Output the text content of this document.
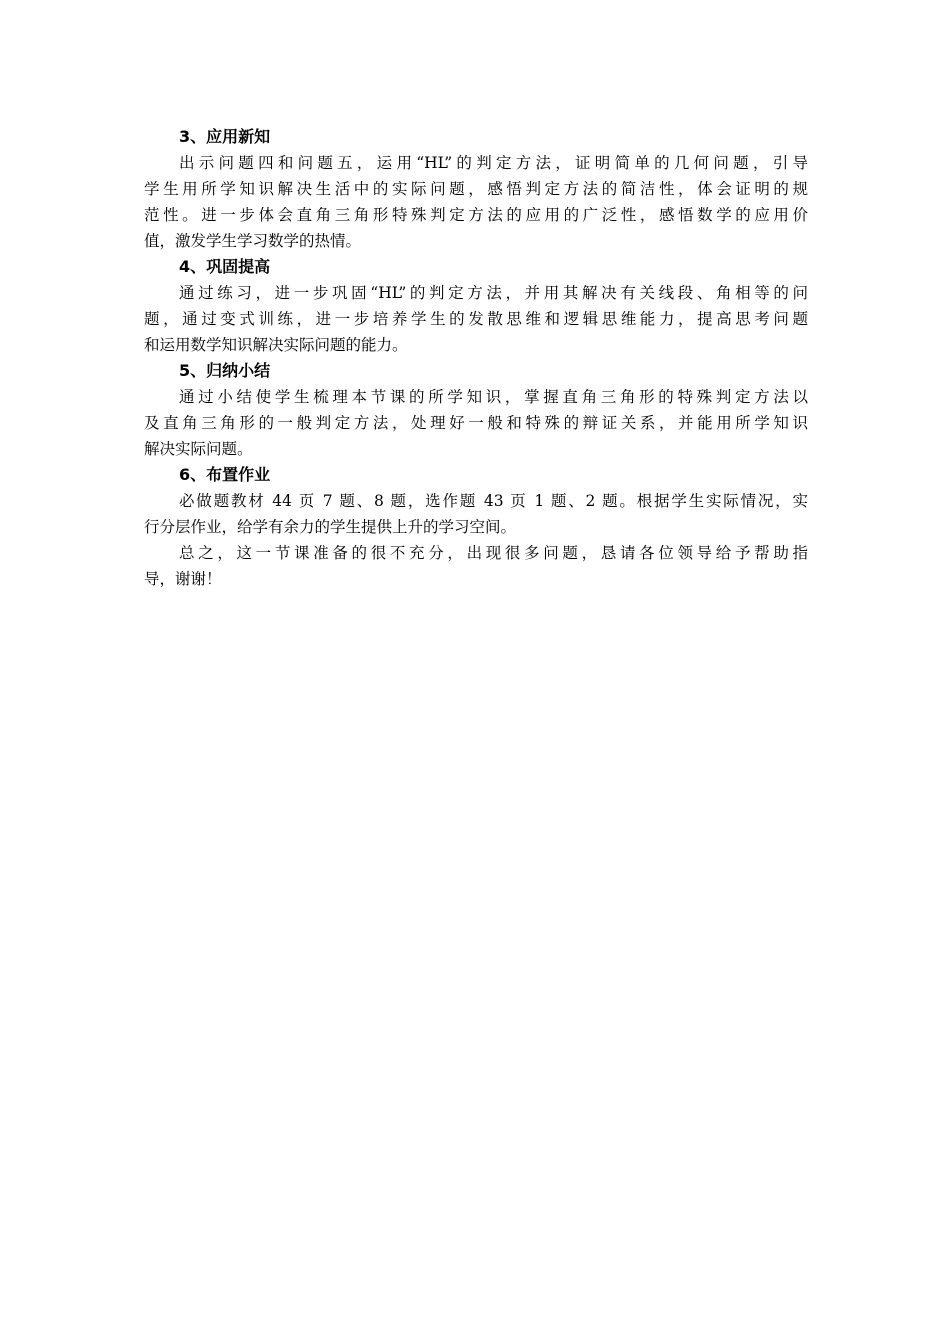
3、应用新知
出示问题四和问题五，运用“HL”的判定方法，证明简单的几何问题，引导
学生用所学知识解决生活中的实际问题，感悟判定方法的简洁性，体会证明的规
范性。进一步体会直角三角形特殊判定方法的应用的广泛性，感悟数学的应用价
值，激发学生学习数学的热情。
4、巩固提高
通过练习，进一步巩固“HL”的判定方法，并用其解决有关线段、角相等的问
题，通过变式训练，进一步培养学生的发散思维和逻辑思维能力，提高思考问题
和运用数学知识解决实际问题的能力。
5、归纳小结
通过小结使学生梳理本节课的所学知识，掌握直角三角形的特殊判定方法以
及直角三角形的一般判定方法，处理好一般和特殊的辩证关系，并能用所学知识
解决实际问题。
6、布置作业
必做题教材 44 页 7 题、8 题，选作题 43 页 1 题、2 题。根据学生实际情况，实
行分层作业，给学有余力的学生提供上升的学习空间。
总之，这一节课准备的很不充分，出现很多问题，恳请各位领导给予帮助指
导，谢谢！
